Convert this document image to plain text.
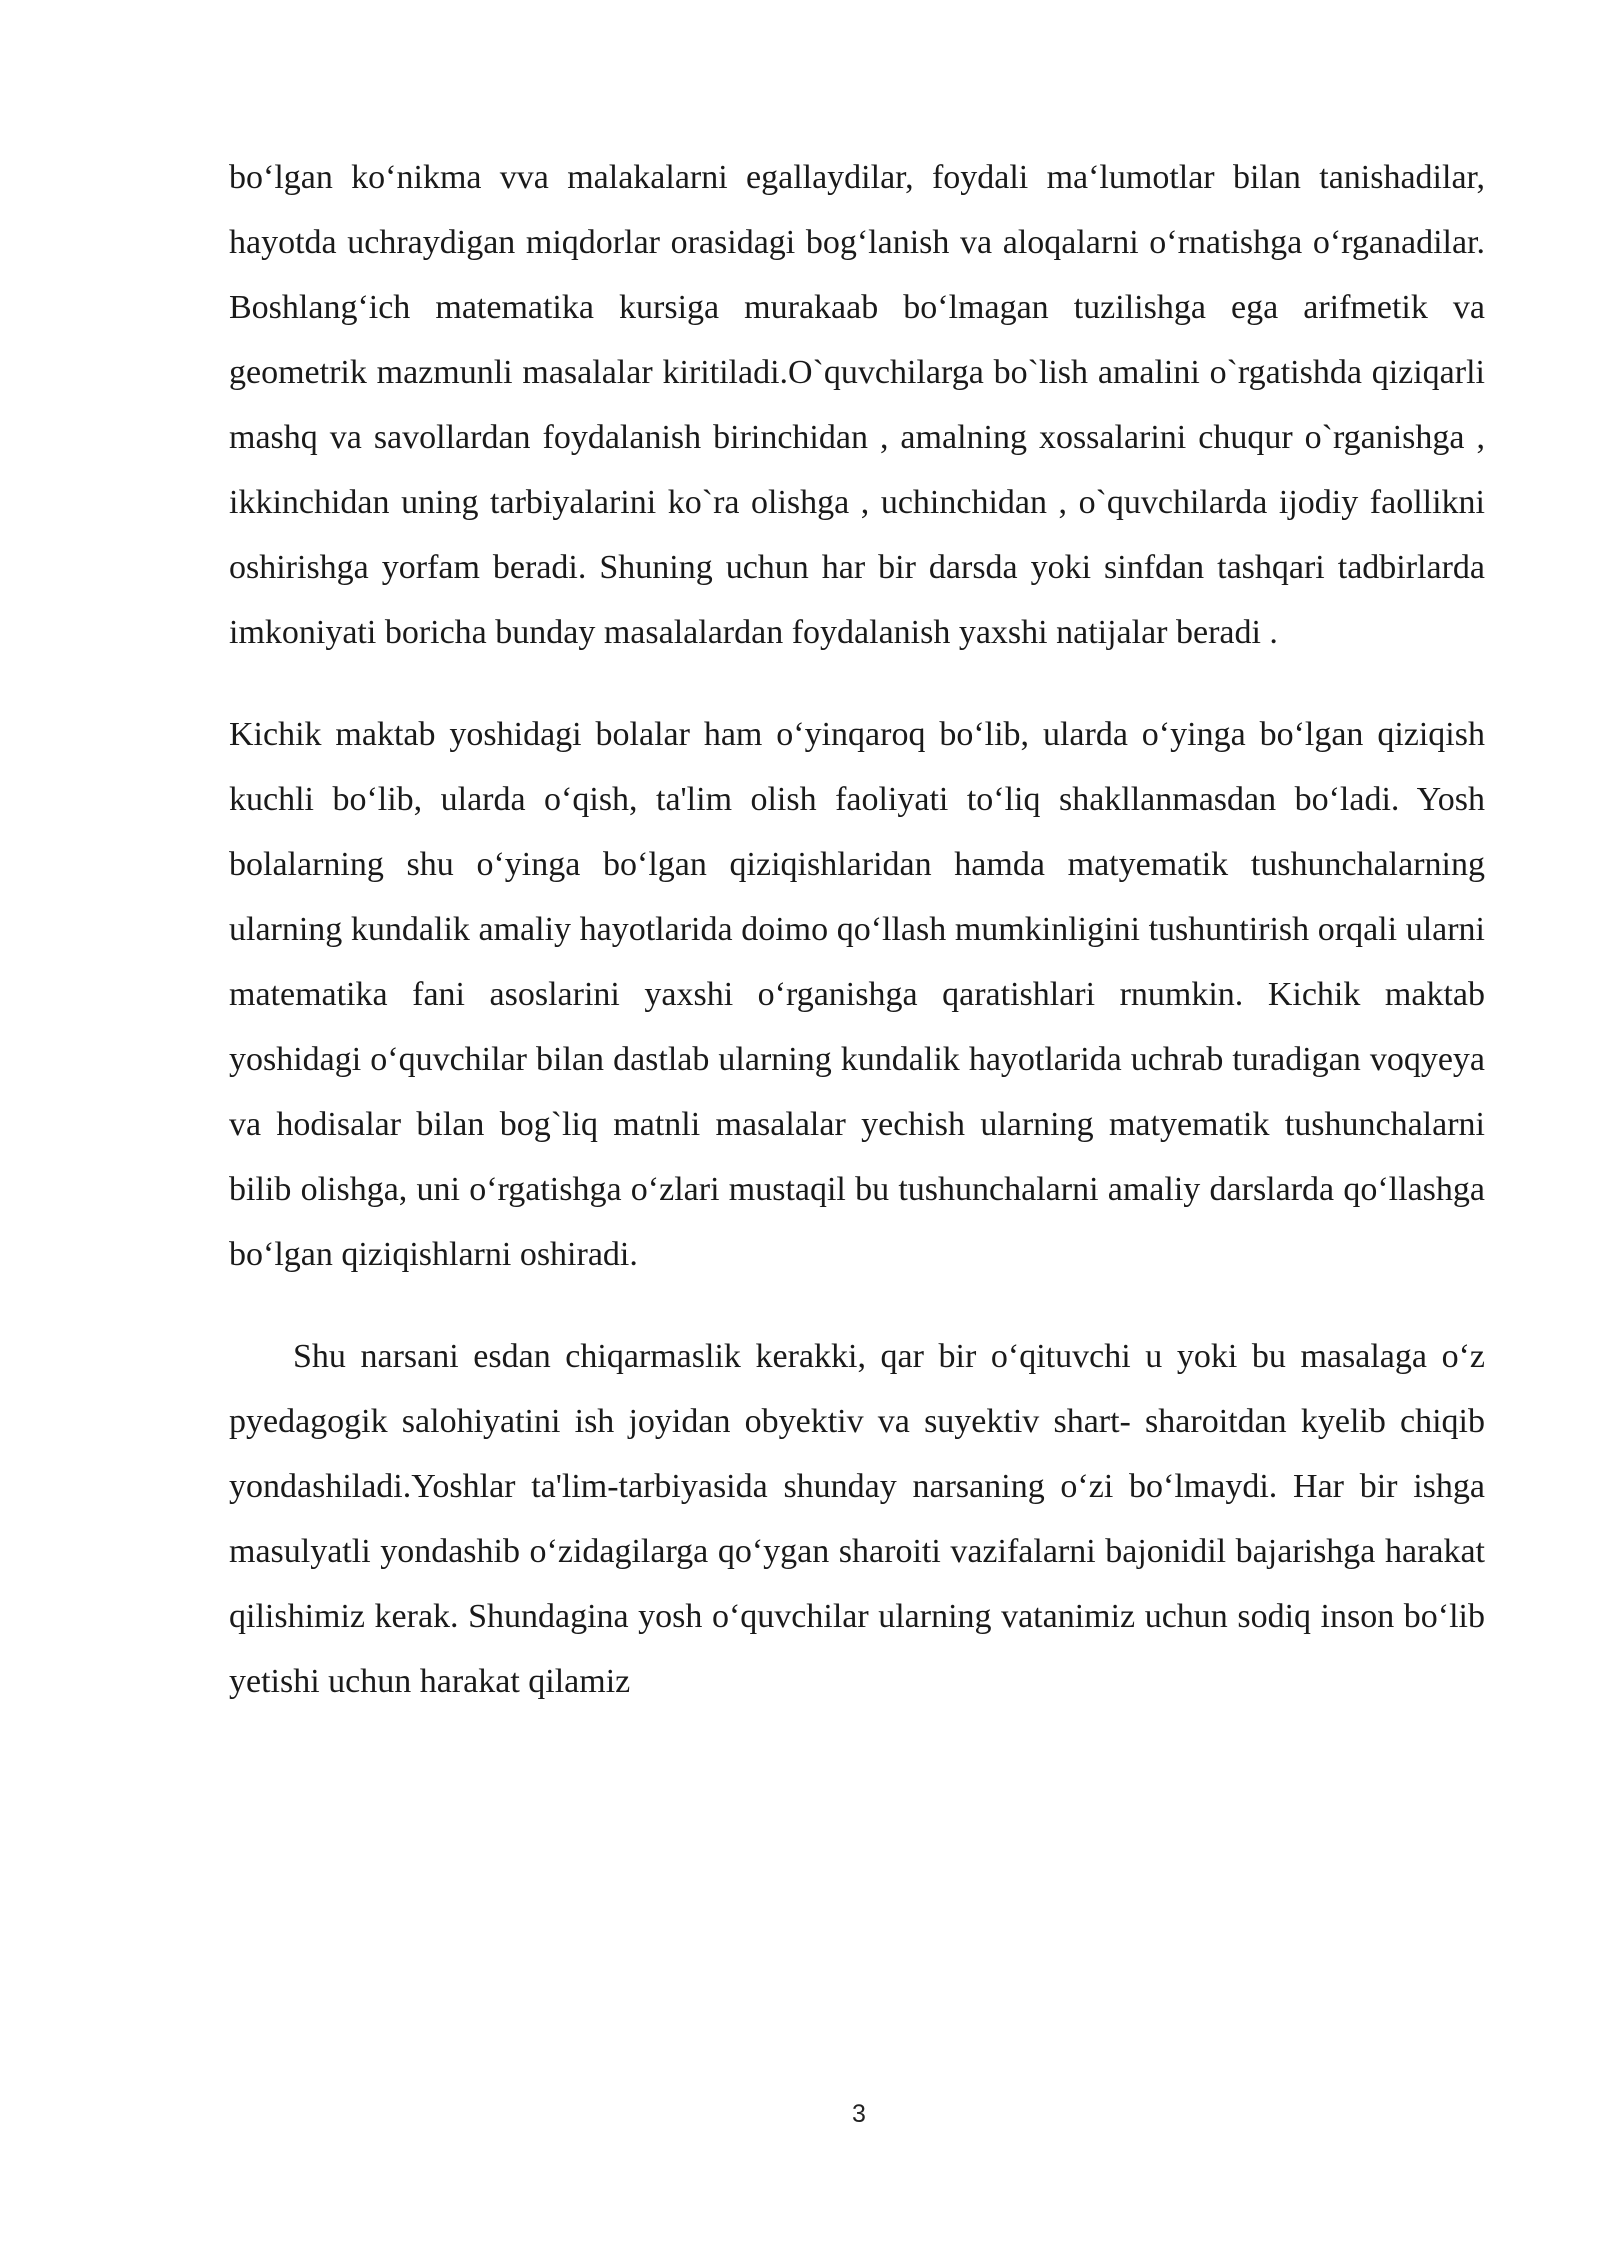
bo‘lgan ko‘nikma vva malakalarni egallaydilar, foydali ma‘lumotlar bilan tanishadilar, hayotda uchraydigan miqdorlar orasidagi bog‘lanish va aloqalarni o‘rnatishga o‘rganadilar. Boshlang‘ich matematika kursiga murakaab bo‘lmagan tuzilishga ega arifmetik va geometrik mazmunli masalalar kiritiladi.O`quvchilarga bo`lish amalini o`rgatishda qiziqarli mashq va savollardan foydalanish birinchidan , amalning xossalarini chuqur o`rganishga , ikkinchidan uning tarbiyalarini ko`ra olishga , uchinchidan , o`quvchilarda ijodiy faollikni oshirishga yorfam beradi. Shuning uchun har bir darsda yoki sinfdan tashqari tadbirlarda imkoniyati boricha bunday masalalardan foydalanish yaxshi natijalar beradi .

Kichik maktab yoshidagi bolalar ham o‘yinqaroq bo‘lib, ularda o‘yinga bo‘lgan qiziqish kuchli bo‘lib, ularda o‘qish, ta'lim olish faoliyati to‘liq shakllanmasdan bo‘ladi. Yosh bolalarning shu o‘yinga bo‘lgan qiziqishlaridan hamda matyematik tushunchalarning ularning kundalik amaliy hayotlarida doimo qo‘llash mumkinligini tushuntirish orqali ularni matematika fani asoslarini yaxshi o‘rganishga qaratishlari rnumkin. Kichik maktab yoshidagi o‘quvchilar bilan dastlab ularning kundalik hayotlarida uchrab turadigan voqyeya va hodisalar bilan bog`liq matnli masalalar yechish ularning matyematik tushunchalarni bilib olishga, uni o‘rgatishga o‘zlari mustaqil bu tushunchalarni amaliy darslarda qo‘llashga bo‘lgan qiziqishlarni oshiradi.

Shu narsani esdan chiqarmaslik kerakki, qar bir o‘qituvchi u yoki bu masalaga o‘z pyedagogik salohiyatini ish joyidan obyektiv va suyektiv shart- sharoitdan kyelib chiqib yondashiladi.Yoshlar ta'lim-tarbiyasida shunday narsaning o‘zi bo‘lmaydi. Har bir ishga masulyatli yondashib o‘zidagilarga qo‘ygan sharoiti vazifalarni bajonidil bajarishga harakat qilishimiz kerak. Shundagina yosh o‘quvchilar ularning vatanimiz uchun sodiq inson bo‘lib yetishi uchun harakat qilamiz

3
